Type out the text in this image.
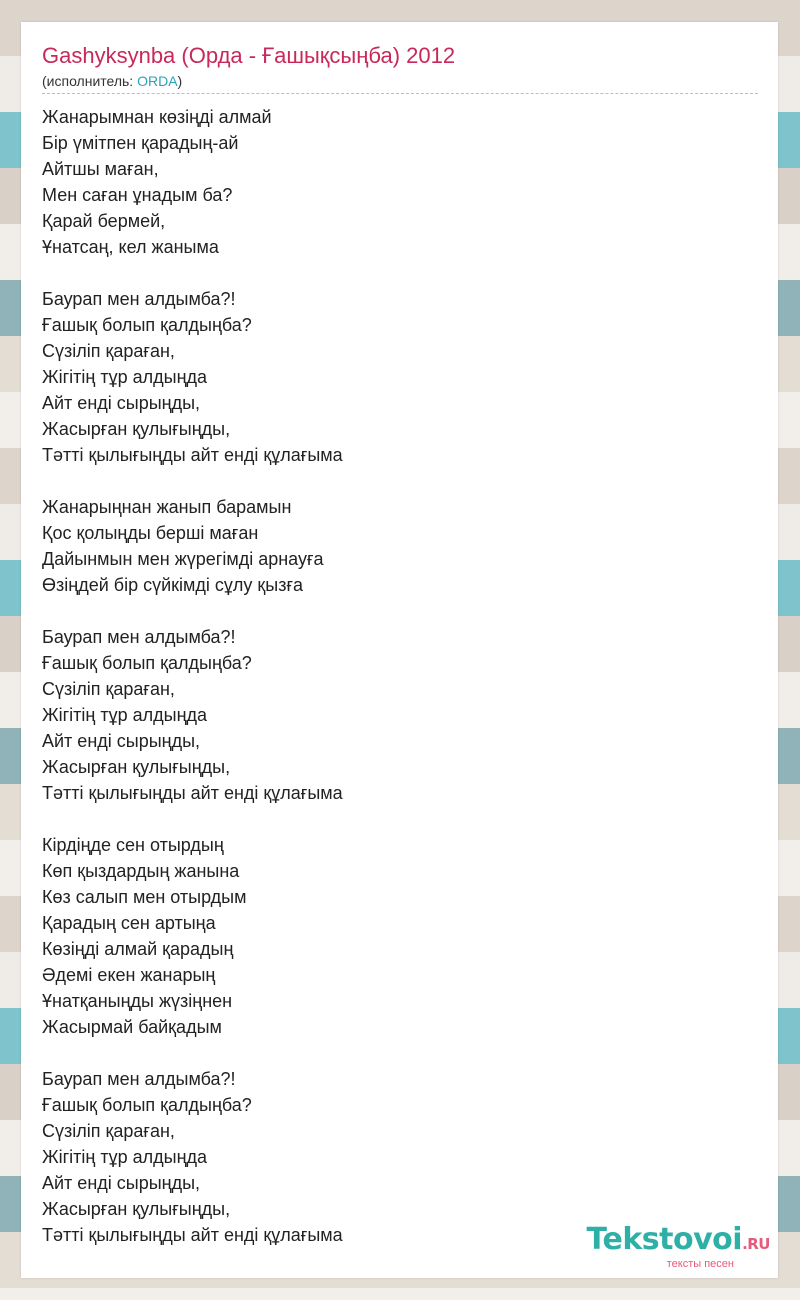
Gashyksynba (Орда - Ғашықсыңба) 2012
(исполнитель: ORDA)
Жанарымнан көзіңді алмай
Бір үмітпен қарадың-ай
Айтшы маған,
Мен саған ұнадым ба?
Қарай бермей,
Ұнатсаң, кел жаныма
Баурап мен алдымба?!
Ғашық болып қалдыңба?
Сүзіліп қараған,
Жігітің тұр алдыңда
Айт енді сырыңды,
Жасырған қулығыңды,
Тәтті қылығыңды айт енді құлағыма
Жанарыңнан жанып барамын
Қос қолыңды берші маған
Дайынмын мен жүрегімді арнауға
Өзіңдей бір сүйкімді сұлу қызға
Баурап мен алдымба?!
Ғашық болып қалдыңба?
Сүзіліп қараған,
Жігітің тұр алдыңда
Айт енді сырыңды,
Жасырған қулығыңды,
Тәтті қылығыңды айт енді құлағыма
Кірдіңде сен отырдың
Көп қыздардың жанына
Көз салып мен отырдым
Қарадың сен артыңа
Көзіңді алмай қарадың
Әдемі екен жанарың
Ұнатқаныңды жүзіңнен
Жасырмай байқадым
Баурап мен алдымба?!
Ғашық болып қалдыңба?
Сүзіліп қараған,
Жігітің тұр алдыңда
Айт енді сырыңды,
Жасырған қулығыңды,
Тәтті қылығыңды айт енді құлағыма	Tekstovoi.RU
тексты песен
